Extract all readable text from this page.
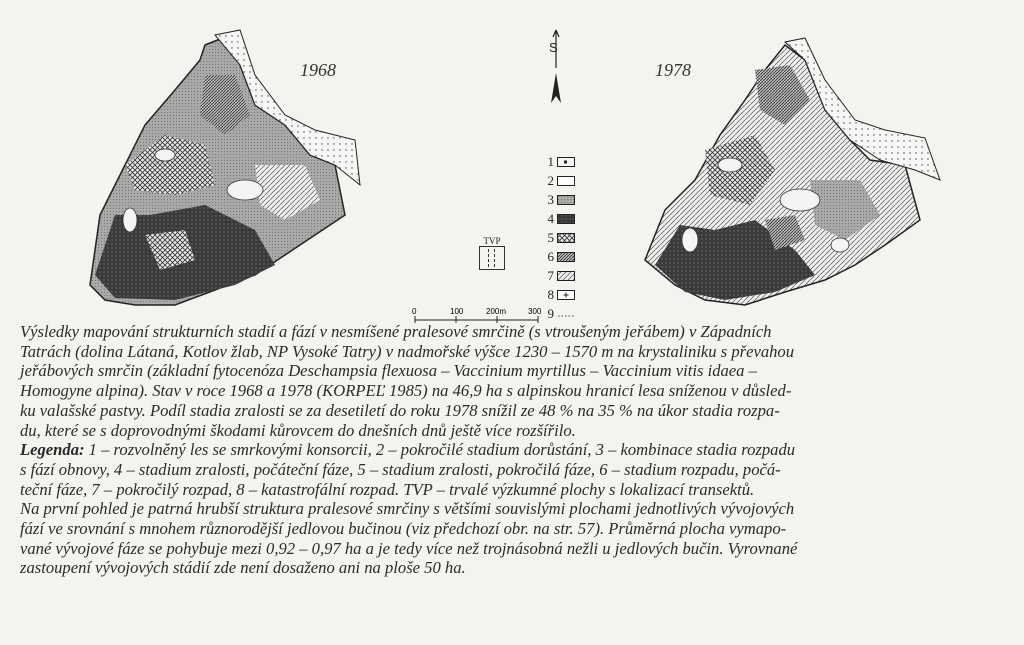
1968	1978
S
1
2
3
4
5
6
7
8
9
TVP
0	100	200m	300
Výsledky mapování strukturních stadií a fází v nesmíšené pralesové smrčině (s vtroušeným jeřábem) v Západních
Tatrách (dolina Látaná, Kotlov žlab, NP Vysoké Tatry) v nadmořské výšce 1230 – 1570 m na krystaliniku s převahou
jeřábových smrčin (základní fytocenóza Deschampsia flexuosa – Vaccinium myrtillus – Vaccinium vitis idaea –
Homogyne alpina). Stav v roce 1968 a 1978 (KORPEĽ 1985) na 46,9 ha s alpinskou hranicí lesa sníženou v důsled-
ku valašské pastvy. Podíl stadia zralosti se za desetiletí do roku 1978 snížil ze 48 % na 35 % na úkor stadia rozpa-
du, které se s doprovodnými škodami kůrovcem do dnešních dnů ještě více rozšířilo.
Legenda: 1 – rozvolněný les se smrkovými konsorcii, 2 – pokročilé stadium dorůstání, 3 – kombinace stadia rozpadu
s fází obnovy, 4 – stadium zralosti, počáteční fáze, 5 – stadium zralosti, pokročilá fáze, 6 – stadium rozpadu, počá-
teční fáze, 7 – pokročilý rozpad, 8 – katastrofální rozpad. TVP – trvalé výzkumné plochy s lokalizací transektů.
Na první pohled je patrná hrubší struktura pralesové smrčiny s většími souvislými plochami jednotlivých vývojových
fází ve srovnání s mnohem různorodější jedlovou bučinou (viz předchozí obr. na str. 57). Průměrná plocha vymapo-
vané vývojové fáze se pohybuje mezi 0,92 – 0,97 ha a je tedy více než trojnásobná nežli u jedlových bučin. Vyrovnané
zastoupení vývojových stádií zde není dosaženo ani na ploše 50 ha.
